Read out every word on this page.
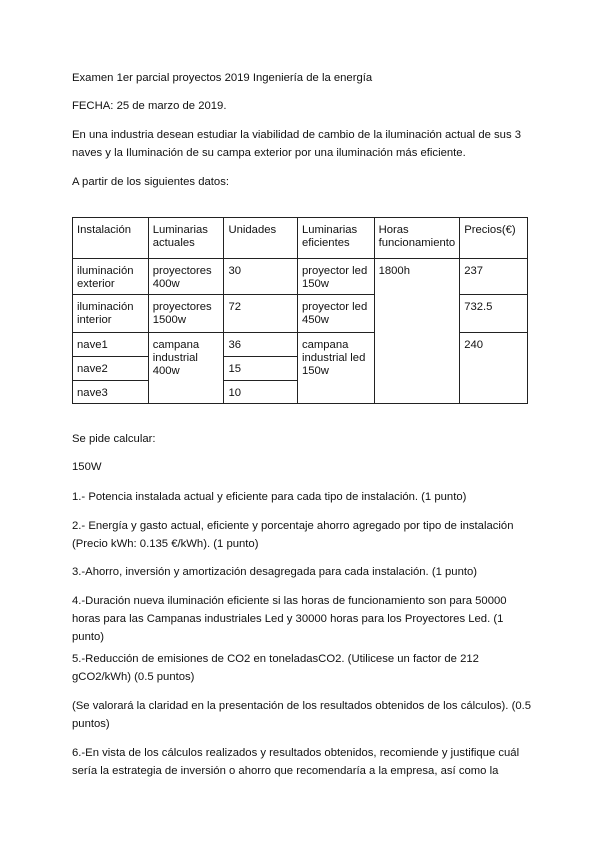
Examen 1er parcial proyectos 2019 Ingeniería de la energía
FECHA: 25 de marzo de 2019.
En una industria desean estudiar la viabilidad de cambio de la iluminación actual de sus 3 naves y la Iluminación de su campa exterior por una iluminación más eficiente.
A partir de los siguientes datos:
Instalación	Luminarias actuales	Unidades	Luminarias eficientes	Horas funcionamiento	Precios(€)
iluminación exterior	proyectores 400w	30	proyector led 150w	1800h	237
iluminación interior	proyectores 1500w	72	proyector led 450w		732.5
nave1	campana industrial 400w	36	campana industrial led 150w		240
nave2		15			
nave3		10			
Se pide calcular:
150W
1.- Potencia instalada actual y eficiente para cada tipo de instalación. (1 punto)
2.- Energía y gasto actual, eficiente y porcentaje ahorro agregado por tipo de instalación (Precio kWh: 0.135 €/kWh). (1 punto)
3.-Ahorro, inversión y amortización desagregada para cada instalación. (1 punto)
4.-Duración nueva iluminación eficiente si las horas de funcionamiento son para 50000 horas para las Campanas industriales Led y 30000 horas para los Proyectores Led. (1 punto)
5.-Reducción de emisiones de CO2 en toneladasCO2. (Utilicese un factor de 212 gCO2/kWh) (0.5 puntos)
(Se valorará la claridad en la presentación de los resultados obtenidos de los cálculos). (0.5 puntos)
6.-En vista de los cálculos realizados y resultados obtenidos, recomiende y justifique cuál sería la estrategia de inversión o ahorro que recomendaría a la empresa, así como la
